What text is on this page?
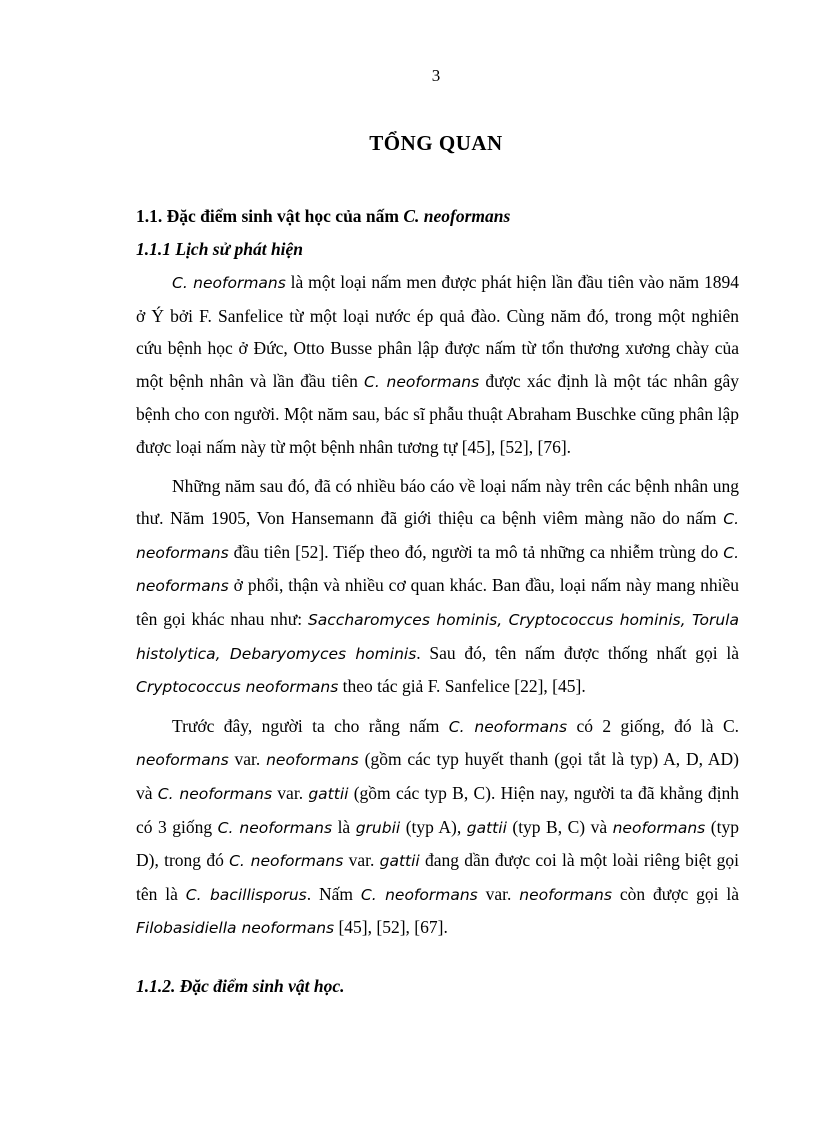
3
TỔNG QUAN
1.1. Đặc điểm sinh vật học của nấm C. neoformans
1.1.1 Lịch sử phát hiện

C. neoformans là một loại nấm men được phát hiện lần đầu tiên vào năm 1894 ở Ý bởi F. Sanfelice từ một loại nước ép quả đào. Cùng năm đó, trong một nghiên cứu bệnh học ở Đức, Otto Busse phân lập được nấm từ tổn thương xương chày của một bệnh nhân và lần đầu tiên C. neoformans được xác định là một tác nhân gây bệnh cho con người. Một năm sau, bác sĩ phẫu thuật Abraham Buschke cũng phân lập được loại nấm này từ một bệnh nhân tương tự [45], [52], [76].

Những năm sau đó, đã có nhiều báo cáo về loại nấm này trên các bệnh nhân ung thư. Năm 1905, Von Hansemann đã giới thiệu ca bệnh viêm màng não do nấm C. neoformans đầu tiên [52]. Tiếp theo đó, người ta mô tả những ca nhiễm trùng do C. neoformans ở phổi, thận và nhiều cơ quan khác. Ban đầu, loại nấm này mang nhiều tên gọi khác nhau như: Saccharomyces hominis, Cryptococcus hominis, Torula histolytica, Debaryomyces hominis. Sau đó, tên nấm được thống nhất gọi là Cryptococcus neoformans theo tác giả F. Sanfelice [22], [45].

Trước đây, người ta cho rằng nấm C. neoformans có 2 giống, đó là C. neoformans var. neoformans (gồm các typ huyết thanh (gọi tắt là typ) A, D, AD) và C. neoformans var. gattii (gồm các typ B, C). Hiện nay, người ta đã khẳng định có 3 giống C. neoformans là grubii (typ A), gattii (typ B, C) và neoformans (typ D), trong đó C. neoformans var. gattii đang dần được coi là một loài riêng biệt gọi tên là C. bacillisporus. Nấm C. neoformans var. neoformans còn được gọi là Filobasidiella neoformans [45], [52], [67].

1.1.2. Đặc điểm sinh vật học.
